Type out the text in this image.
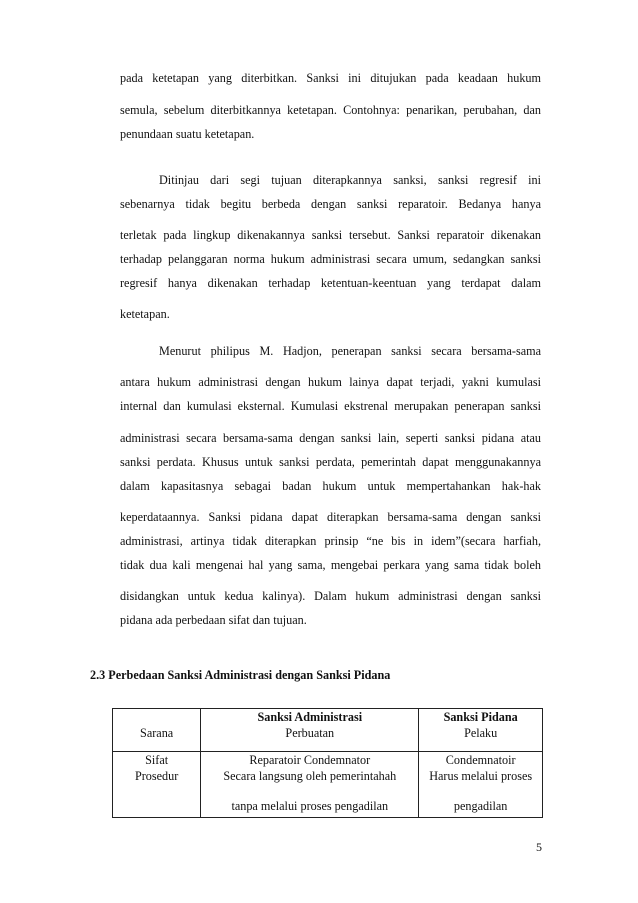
pada ketetapan yang diterbitkan. Sanksi ini ditujukan pada keadaan hukum
semula, sebelum diterbitkannya ketetapan. Contohnya: penarikan, perubahan, dan
penundaan suatu ketetapan.
Ditinjau dari segi tujuan diterapkannya sanksi, sanksi regresif ini
sebenarnya tidak begitu berbeda dengan sanksi reparatoir. Bedanya hanya
terletak pada lingkup dikenakannya sanksi tersebut. Sanksi reparatoir dikenakan
terhadap pelanggaran norma hukum administrasi secara umum, sedangkan sanksi
regresif hanya dikenakan terhadap ketentuan-keentuan yang terdapat dalam
ketetapan.
Menurut philipus M. Hadjon, penerapan sanksi secara bersama-sama
antara hukum administrasi dengan hukum lainya dapat terjadi, yakni kumulasi
internal dan kumulasi eksternal. Kumulasi ekstrenal merupakan penerapan sanksi
administrasi secara bersama-sama dengan sanksi lain, seperti sanksi pidana atau
sanksi perdata. Khusus untuk sanksi perdata, pemerintah dapat menggunakannya
dalam kapasitasnya sebagai badan hukum untuk mempertahankan hak-hak
keperdataannya. Sanksi pidana dapat diterapkan bersama-sama dengan sanksi
administrasi, artinya tidak diterapkan prinsip “ne bis in idem”(secara harfiah,
tidak dua kali mengenai hal yang sama, mengebai perkara yang sama tidak boleh
disidangkan untuk kedua kalinya). Dalam hukum administrasi dengan sanksi
pidana ada perbedaan sifat dan tujuan.
2.3 Perbedaan Sanksi Administrasi dengan Sanksi Pidana
	Sanksi Administrasi	Sanksi Pidana
Sarana	Perbuatan	Pelaku
Sifat	Reparatoir Condemnator	Condemnatoir
Prosedur	Secara langsung oleh pemerintahah	Harus melalui proses
	tanpa melalui proses pengadilan	pengadilan
5
